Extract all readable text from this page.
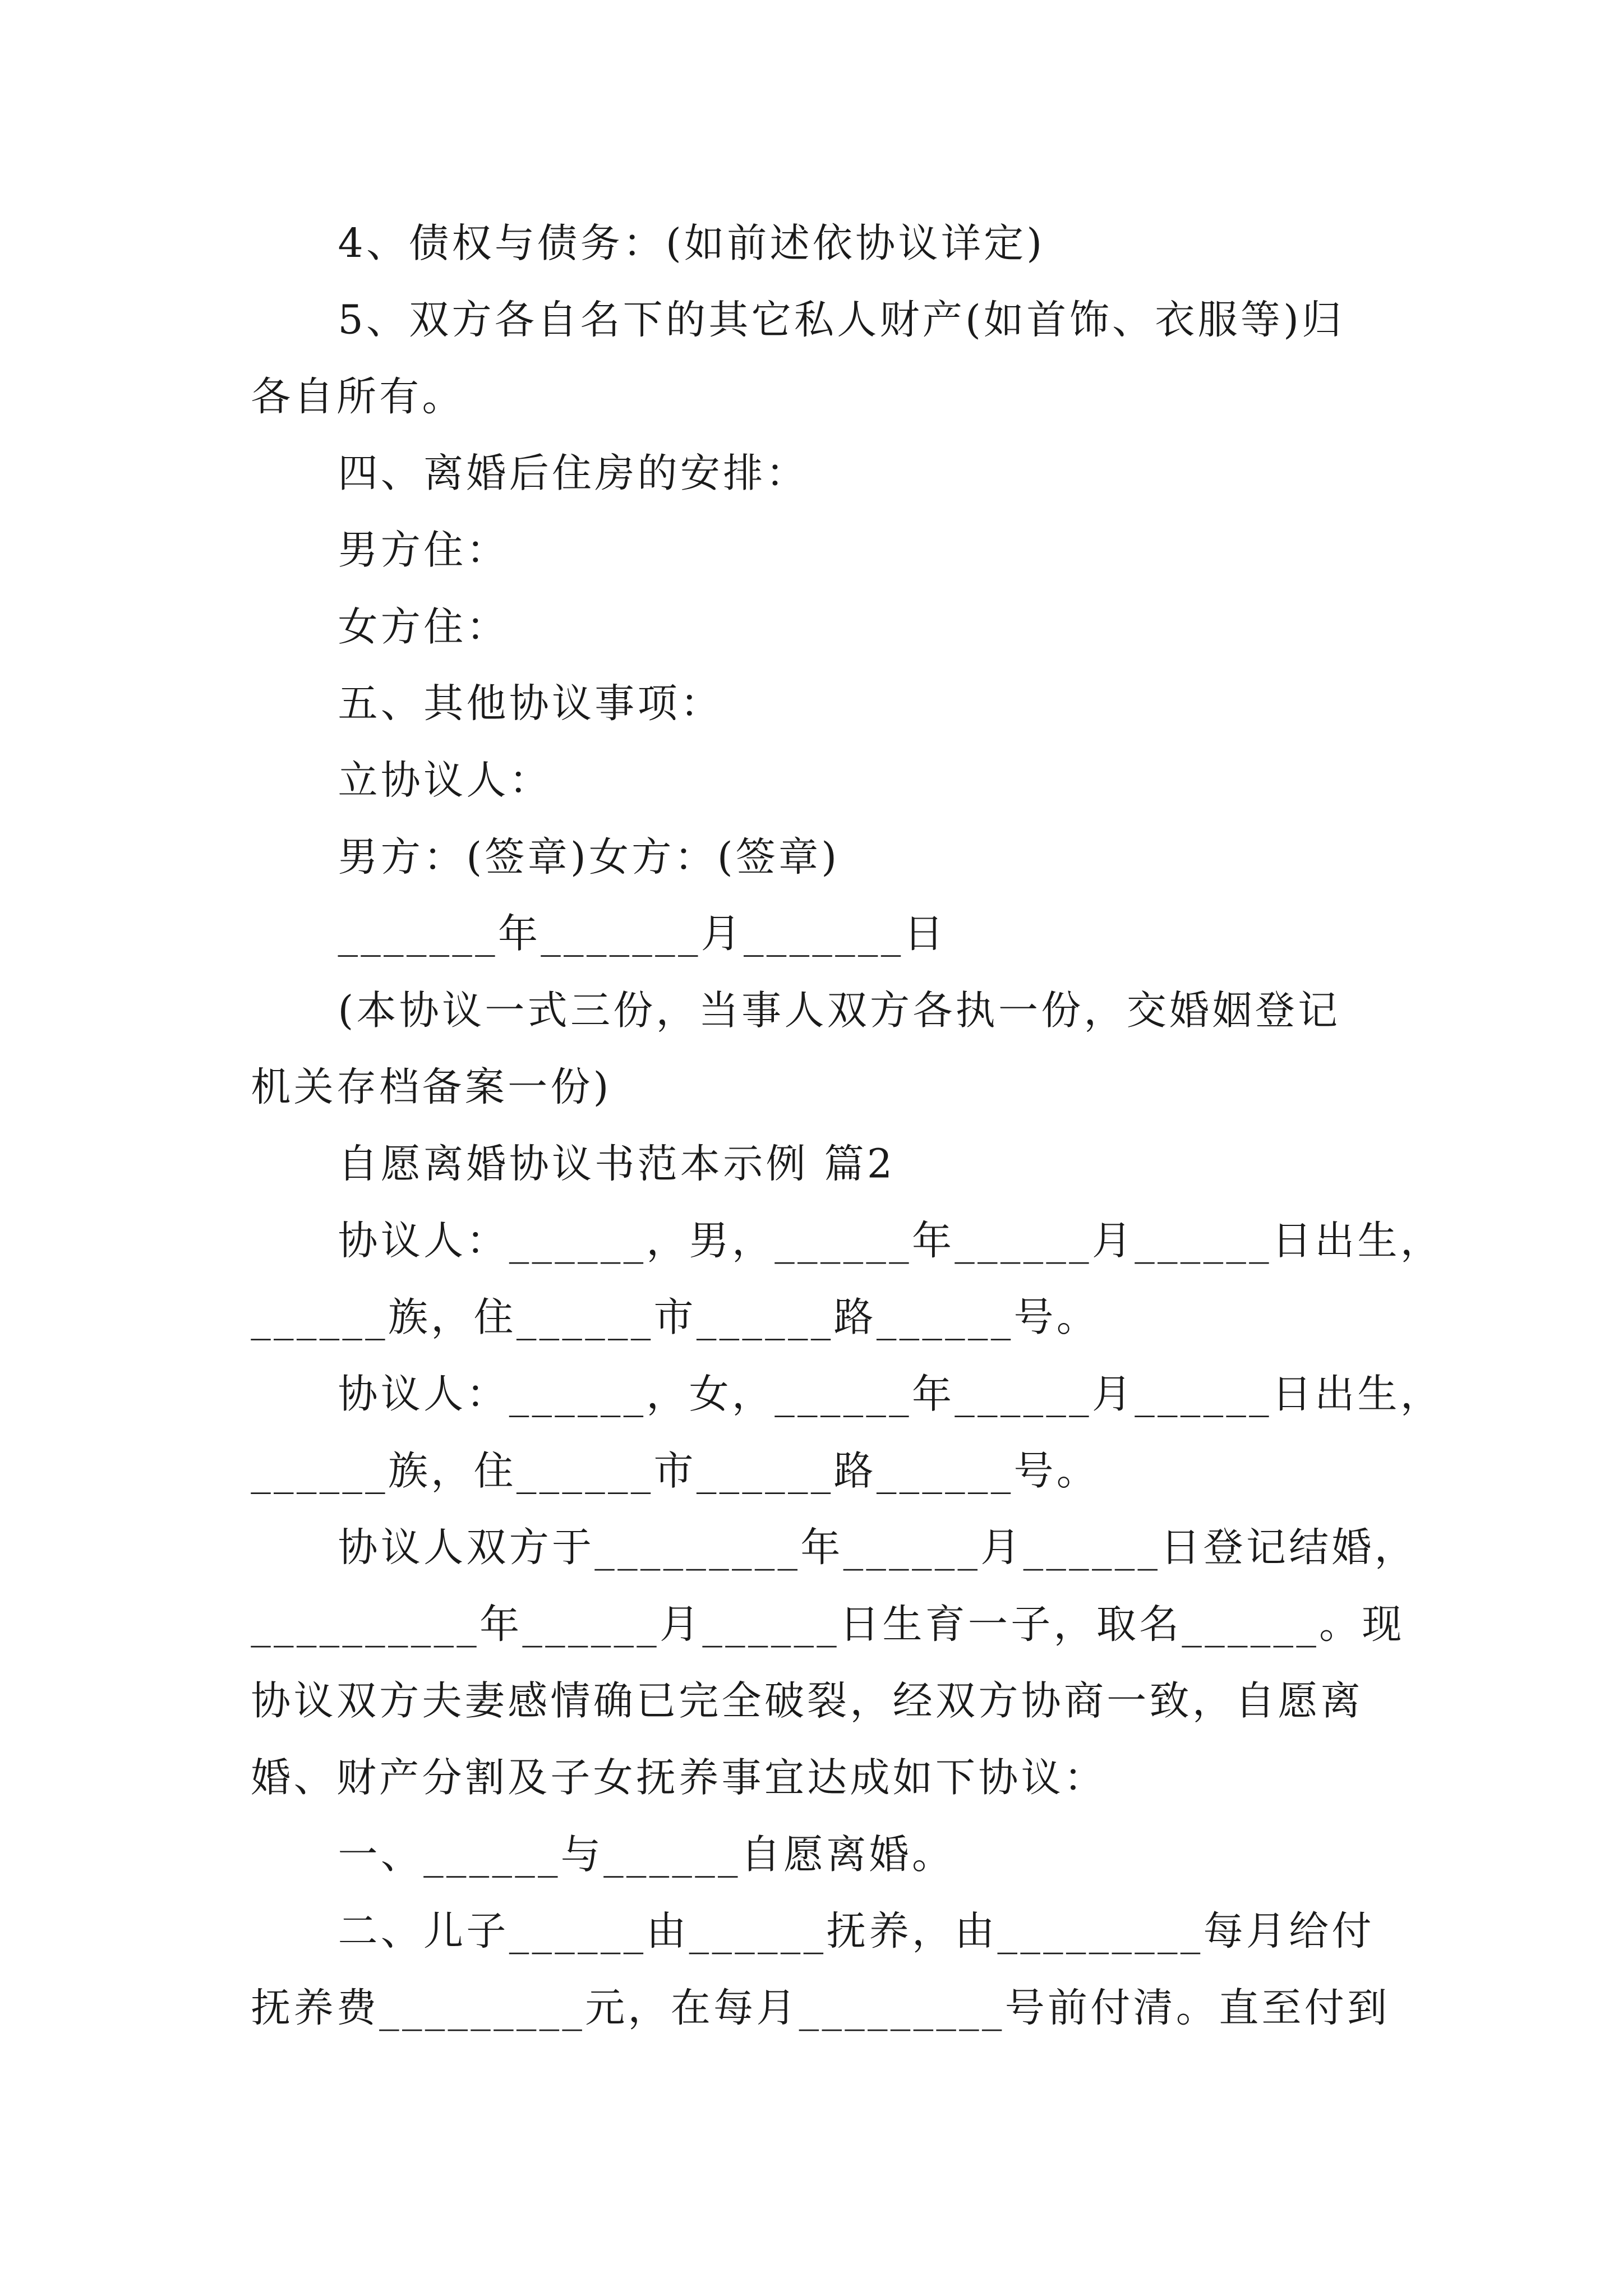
4、债权与债务：(如前述依协议详定)
5、双方各自名下的其它私人财产(如首饰、衣服等)归
各自所有。
四、离婚后住房的安排：
男方住：
女方住：
五、其他协议事项：
立协议人：
男方：(签章)女方：(签章)
_______年_______月_______日
(本协议一式三份，当事人双方各执一份，交婚姻登记
机关存档备案一份)
自愿离婚协议书范本示例 篇2
协议人：______，男，______年______月______日出生，
______族，住______市______路______号。
协议人：______，女，______年______月______日出生，
______族，住______市______路______号。
协议人双方于_________年______月______日登记结婚，
__________年______月______日生育一子，取名______。现
协议双方夫妻感情确已完全破裂，经双方协商一致，自愿离
婚、财产分割及子女抚养事宜达成如下协议：
一、______与______自愿离婚。
二、儿子______由______抚养，由_________每月给付
抚养费_________元，在每月_________号前付清。直至付到
